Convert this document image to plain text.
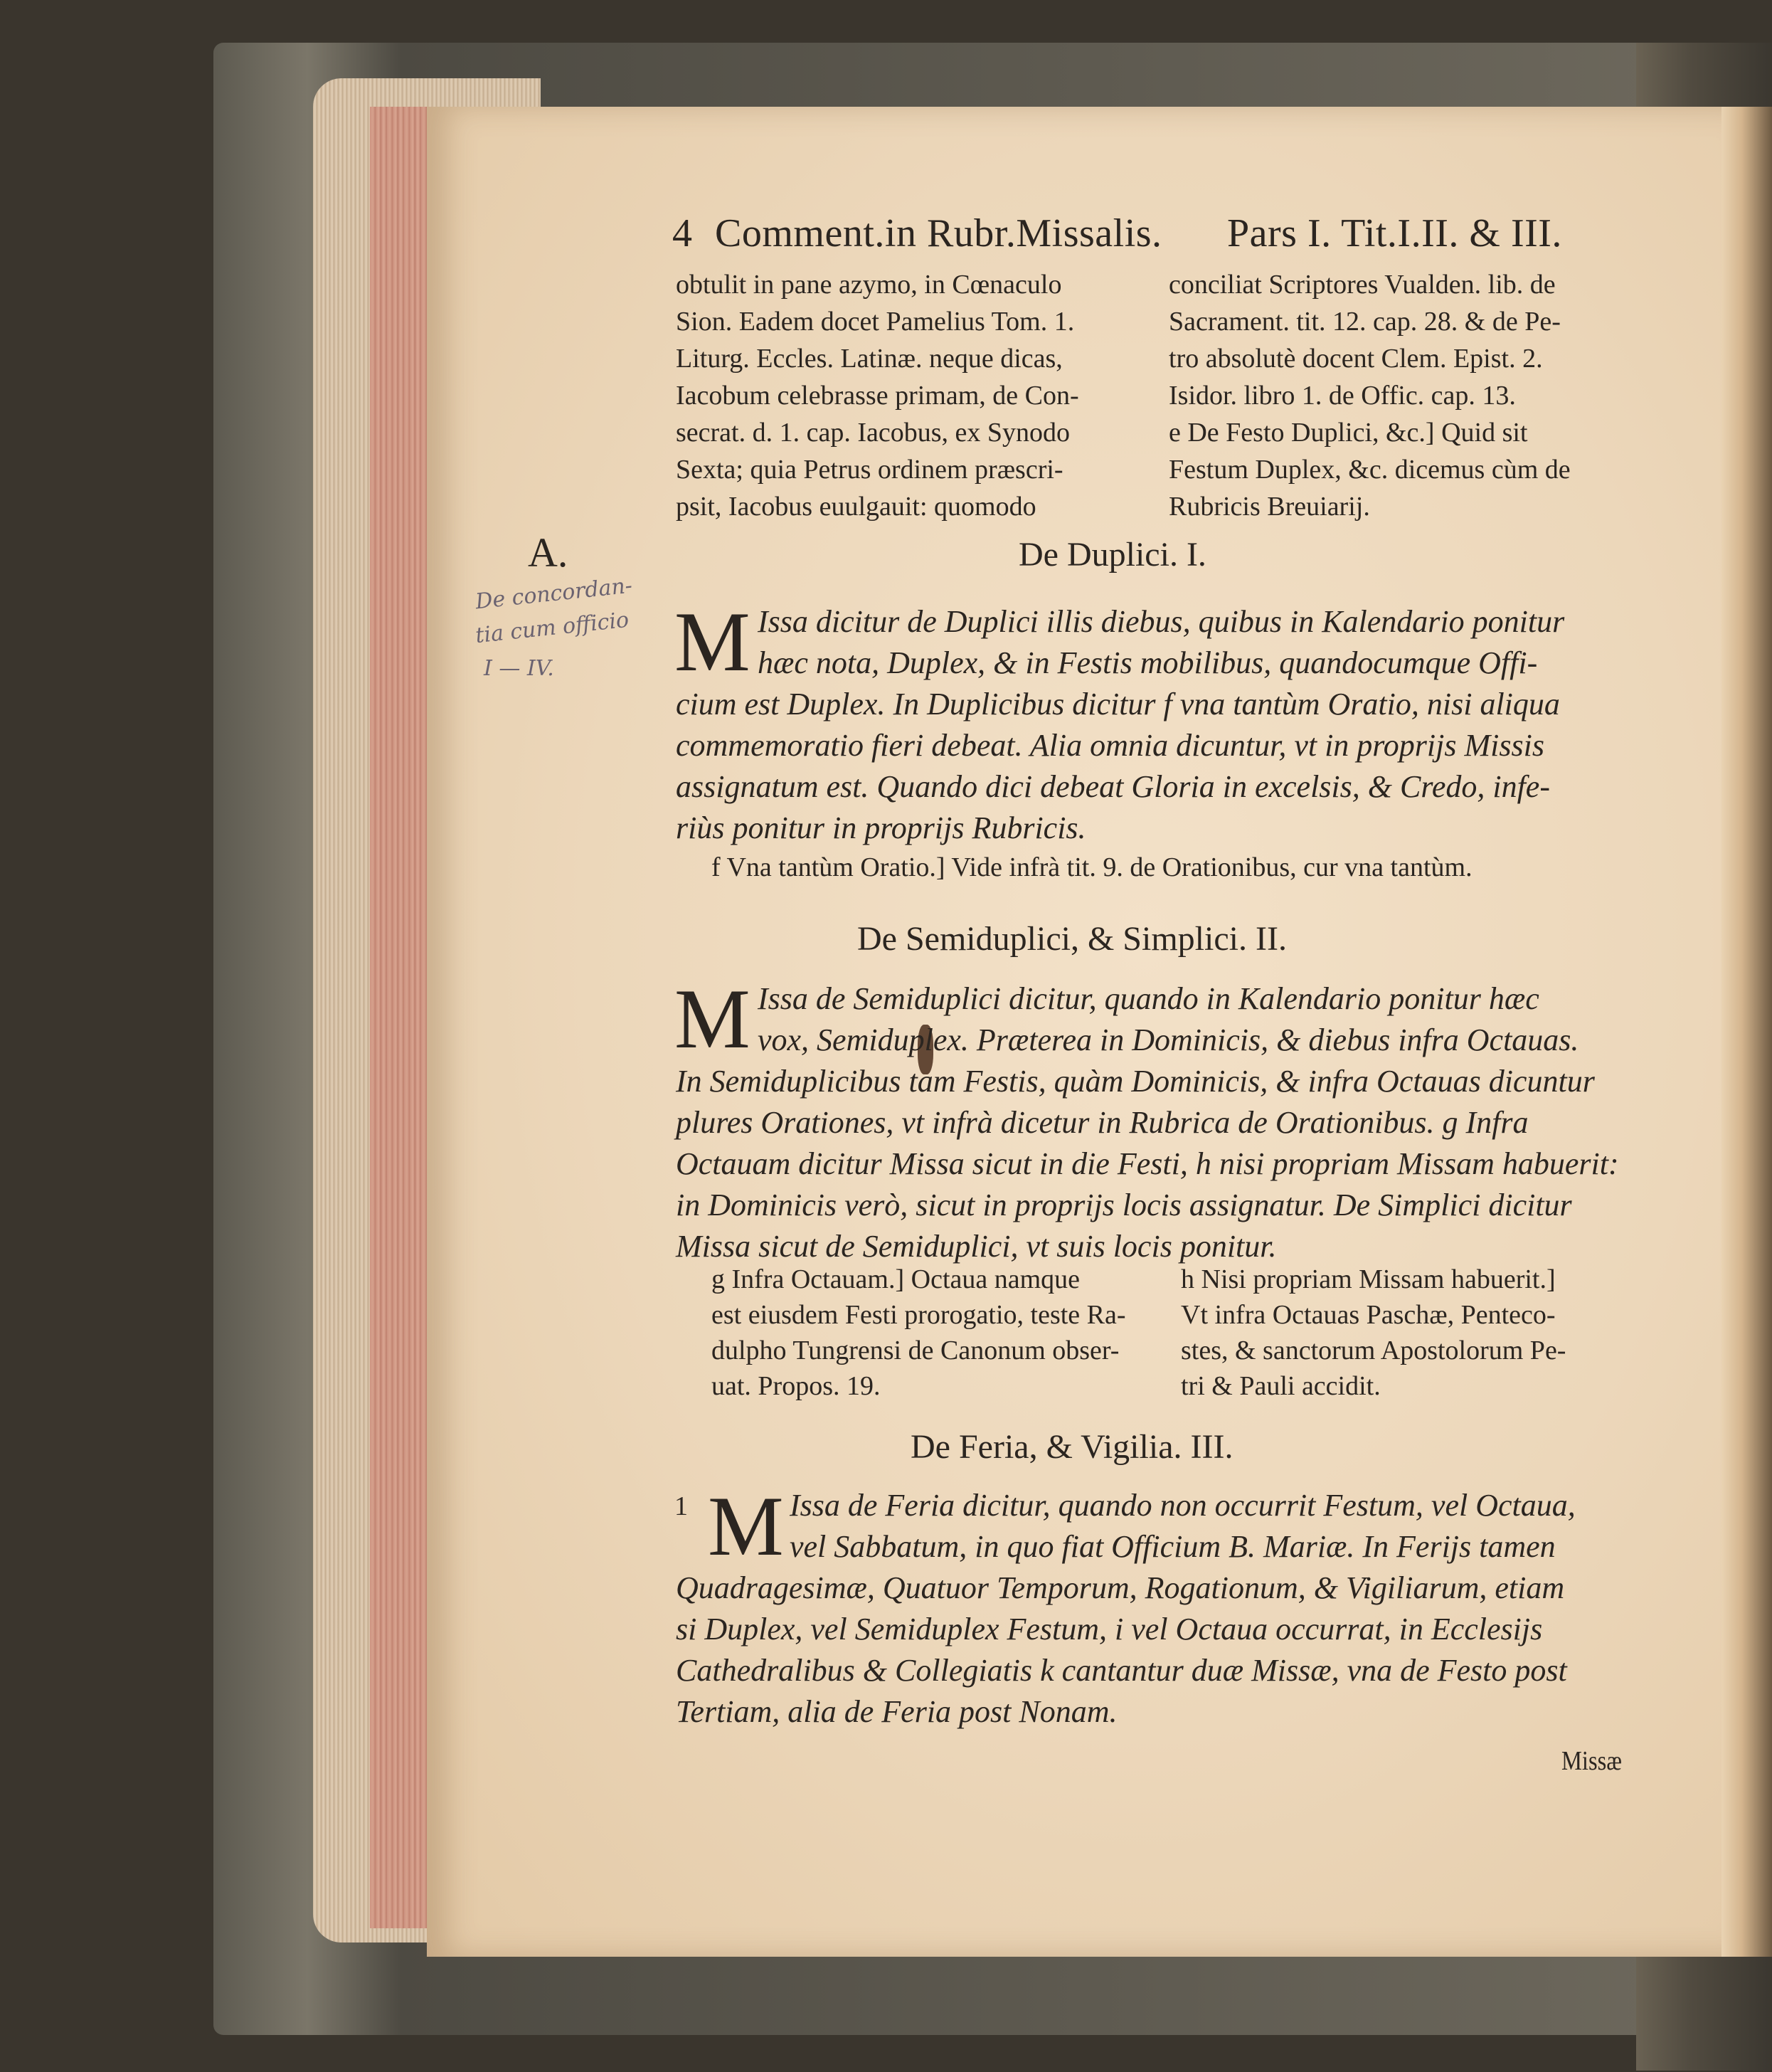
4 Comment.in Rubr.Missalis. Pars I. Tit.I.II. & III.
obtulit in pane azymo, in Cœnaculo
Sion. Eadem docet Pamelius Tom. 1.
Liturg. Eccles. Latinæ. neque dicas,
Iacobum celebrasse primam, de Con-
secrat. d. 1. cap. Iacobus, ex Synodo
Sexta; quia Petrus ordinem præscri-
psit, Iacobus euulgauit: quomodo
conciliat Scriptores Vualden. lib. de
Sacrament. tit. 12. cap. 28. & de Pe-
tro absolutè docent Clem. Epist. 2.
Isidor. libro 1. de Offic. cap. 13.
e De Festo Duplici, &c.] Quid sit
Festum Duplex, &c. dicemus cùm de
Rubricis Breuiarij.
A.
De concordan-
tia cum officio
I — IV.
De Duplici. I.
M Issa dicitur de Duplici illis diebus, quibus in Kalendario ponitur
hæc nota, Duplex, & in Festis mobilibus, quandocumque Offi-
cium est Duplex. In Duplicibus dicitur f vna tantùm Oratio, nisi aliqua
commemoratio fieri debeat. Alia omnia dicuntur, vt in proprijs Missis
assignatum est. Quando dici debeat Gloria in excelsis, & Credo, infe-
riùs ponitur in proprijs Rubricis.
f Vna tantùm Oratio.] Vide infrà tit. 9. de Orationibus, cur vna tantùm.
De Semiduplici, & Simplici. II.
M Issa de Semiduplici dicitur, quando in Kalendario ponitur hæc
vox, Semiduplex. Præterea in Dominicis, & diebus infra Octauas.
In Semiduplicibus tam Festis, quàm Dominicis, & infra Octauas dicuntur
plures Orationes, vt infrà dicetur in Rubrica de Orationibus. g Infra
Octauam dicitur Missa sicut in die Festi, h nisi propriam Missam habuerit:
in Dominicis verò, sicut in proprijs locis assignatur. De Simplici dicitur
Missa sicut de Semiduplici, vt suis locis ponitur.
g Infra Octauam.] Octaua namque
est eiusdem Festi prorogatio, teste Ra-
dulpho Tungrensi de Canonum obser-
uat. Propos. 19.
h Nisi propriam Missam habuerit.]
Vt infra Octauas Paschæ, Penteco-
stes, & sanctorum Apostolorum Pe-
tri & Pauli accidit.
De Feria, & Vigilia. III.
1 M Issa de Feria dicitur, quando non occurrit Festum, vel Octaua,
vel Sabbatum, in quo fiat Officium B. Mariæ. In Ferijs tamen
Quadragesimæ, Quatuor Temporum, Rogationum, & Vigiliarum, etiam
si Duplex, vel Semiduplex Festum, i vel Octaua occurrat, in Ecclesijs
Cathedralibus & Collegiatis k cantantur duæ Missæ, vna de Festo post
Tertiam, alia de Feria post Nonam.
Missæ
